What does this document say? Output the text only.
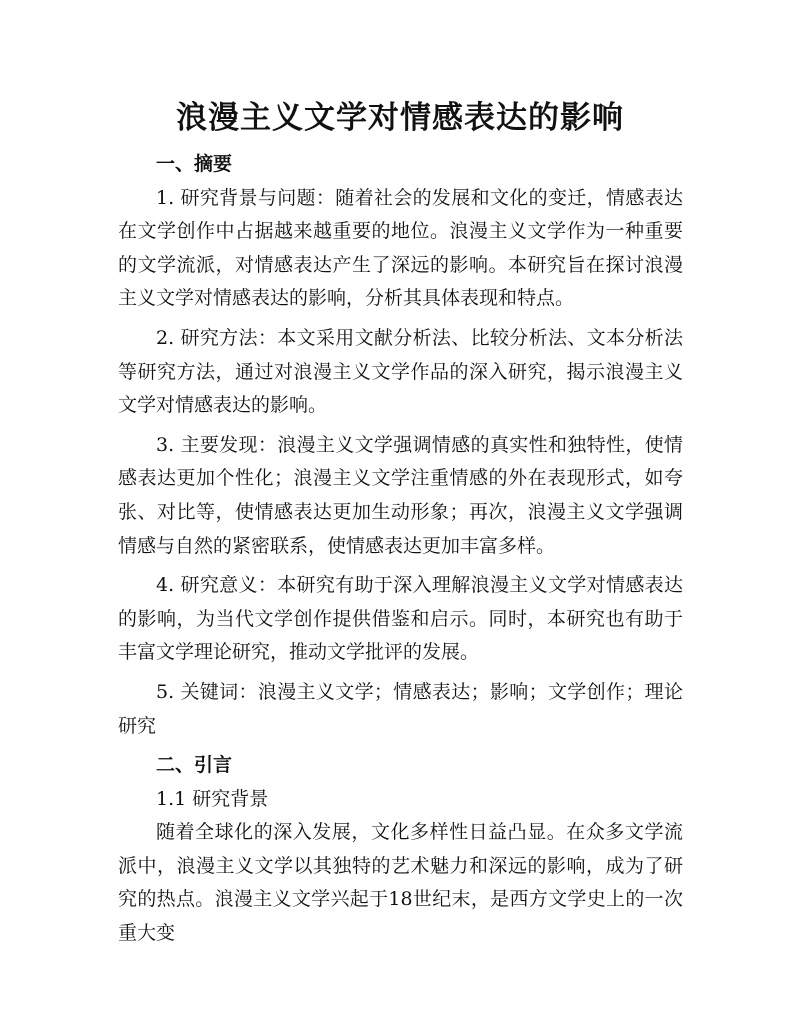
浪漫主义文学对情感表达的影响

一、摘要

1. 研究背景与问题：随着社会的发展和文化的变迁，情感表达在文学创作中占据越来越重要的地位。浪漫主义文学作为一种重要的文学流派，对情感表达产生了深远的影响。本研究旨在探讨浪漫主义文学对情感表达的影响，分析其具体表现和特点。

2. 研究方法：本文采用文献分析法、比较分析法、文本分析法等研究方法，通过对浪漫主义文学作品的深入研究，揭示浪漫主义文学对情感表达的影响。

3. 主要发现：浪漫主义文学强调情感的真实性和独特性，使情感表达更加个性化；浪漫主义文学注重情感的外在表现形式，如夸张、对比等，使情感表达更加生动形象；再次，浪漫主义文学强调情感与自然的紧密联系，使情感表达更加丰富多样。

4. 研究意义：本研究有助于深入理解浪漫主义文学对情感表达的影响，为当代文学创作提供借鉴和启示。同时，本研究也有助于丰富文学理论研究，推动文学批评的发展。

5. 关键词：浪漫主义文学；情感表达；影响；文学创作；理论研究

二、引言

1.1 研究背景

随着全球化的深入发展，文化多样性日益凸显。在众多文学流派中，浪漫主义文学以其独特的艺术魅力和深远的影响，成为了研究的热点。浪漫主义文学兴起于18世纪末，是西方文学史上的一次重大变
